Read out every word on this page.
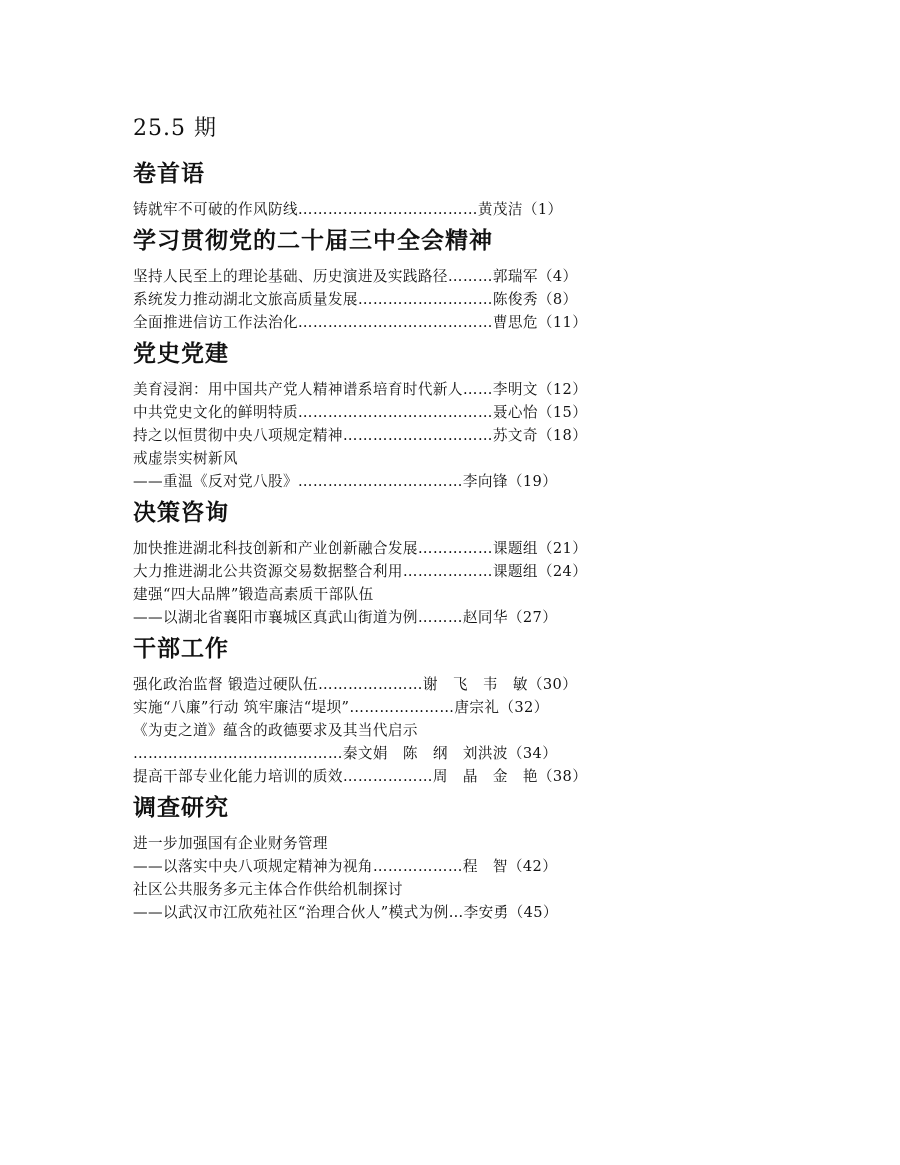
25.5 期
卷首语
铸就牢不可破的作风防线………………………………黄茂洁（1）
学习贯彻党的二十届三中全会精神
坚持人民至上的理论基础、历史演进及实践路径………郭瑞军（4）
系统发力推动湖北文旅高质量发展………………………陈俊秀（8）
全面推进信访工作法治化…………………………………曹思危（11）
党史党建
美育浸润：用中国共产党人精神谱系培育时代新人……李明文（12）
中共党史文化的鲜明特质…………………………………聂心怡（15）
持之以恒贯彻中央八项规定精神…………………………苏文奇（18）
戒虚崇实树新风
——重温《反对党八股》……………………………李向锋（19）
决策咨询
加快推进湖北科技创新和产业创新融合发展……………课题组（21）
大力推进湖北公共资源交易数据整合利用………………课题组（24）
建强“四大品牌”锻造高素质干部队伍
——以湖北省襄阳市襄城区真武山街道为例………赵同华（27）
干部工作
强化政治监督 锻造过硬队伍…………………谢　飞　韦　敏（30）
实施“八廉”行动 筑牢廉洁“堤坝”…………………唐宗礼（32）
《为吏之道》蕴含的政德要求及其当代启示
……………………………………秦文娟　陈　纲　刘洪波（34）
提高干部专业化能力培训的质效………………周　晶　金　艳（38）
调查研究
进一步加强国有企业财务管理
——以落实中央八项规定精神为视角………………程　智（42）
社区公共服务多元主体合作供给机制探讨
——以武汉市江欣苑社区“治理合伙人”模式为例…李安勇（45）
